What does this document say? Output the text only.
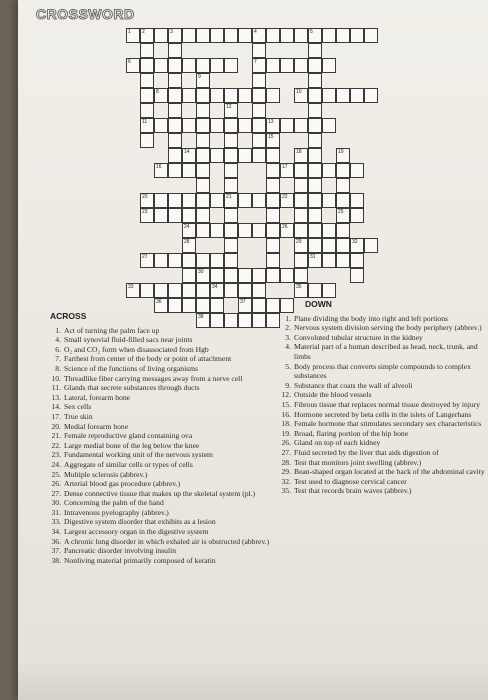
CROSSWORD
1 2	3	4	5
11
7
31
6
8
9
10
12
21
13
14
15
16	17
18
29
19
25
20	22
23
24	26
27
28	32
30
33	34	35
36	37
38
ACROSS
1. Act of turning the palm face up
4. Small synovial fluid-filled sacs near joints
6. O₂ and CO₂ form when disassociated from Hgb
7. Farthest from center of the body or point of attachment
8. Science of the functions of living organisms
10. Threadlike fiber carrying messages away from a nerve cell
11. Glands that secrete substances through ducts
13. Lateral, forearm bone
14. Sex cells
17. True skin
20. Medial forearm bone
21. Female reproductive gland containing ova
22. Large medial bone of the leg below the knee
23. Fundamental working unit of the nervous system
24. Aggregate of similar cells or types of cells
25. Multiple sclerosis (abbrev.)
26. Arterial blood gas procedure (abbrev.)
27. Dense connective tissue that makes up the skeletal system (pl.)
30. Concerning the palm of the hand
31. Intravenous pyelography (abbrev.)
33. Digestive system disorder that exhibits as a lesion
34. Largest accessory organ in the digestive system
36. A chronic lung disorder in which exhaled air is obstructed (abbrev.)
37. Pancreatic disorder involving insulin
38. Nonliving material primarily composed of keratin
DOWN
1. Plane dividing the body into right and left portions
2. Nervous system division serving the body periphery (abbrev.)
3. Convoluted tubular structure in the kidney
4. Material part of a human described as head, neck, trunk, and limbs
5. Body process that converts simple compounds to complex substances
9. Substance that coats the wall of alveoli
12. Outside the blood vessels
15. Fibrous tissue that replaces normal tissue destroyed by injury
16. Hormone secreted by beta cells in the islets of Langerhans
18. Female hormone that stimulates secondary sex characteristics
19. Broad, flaring portion of the hip bone
26. Gland on top of each kidney
27. Fluid secreted by the liver that aids digestion of
28. Test that monitors joint swelling (abbrev.)
29. Bean-shaped organ located at the back of the abdominal cavity
32. Test used to diagnose cervical cancer
35. Test that records brain waves (abbrev.)
